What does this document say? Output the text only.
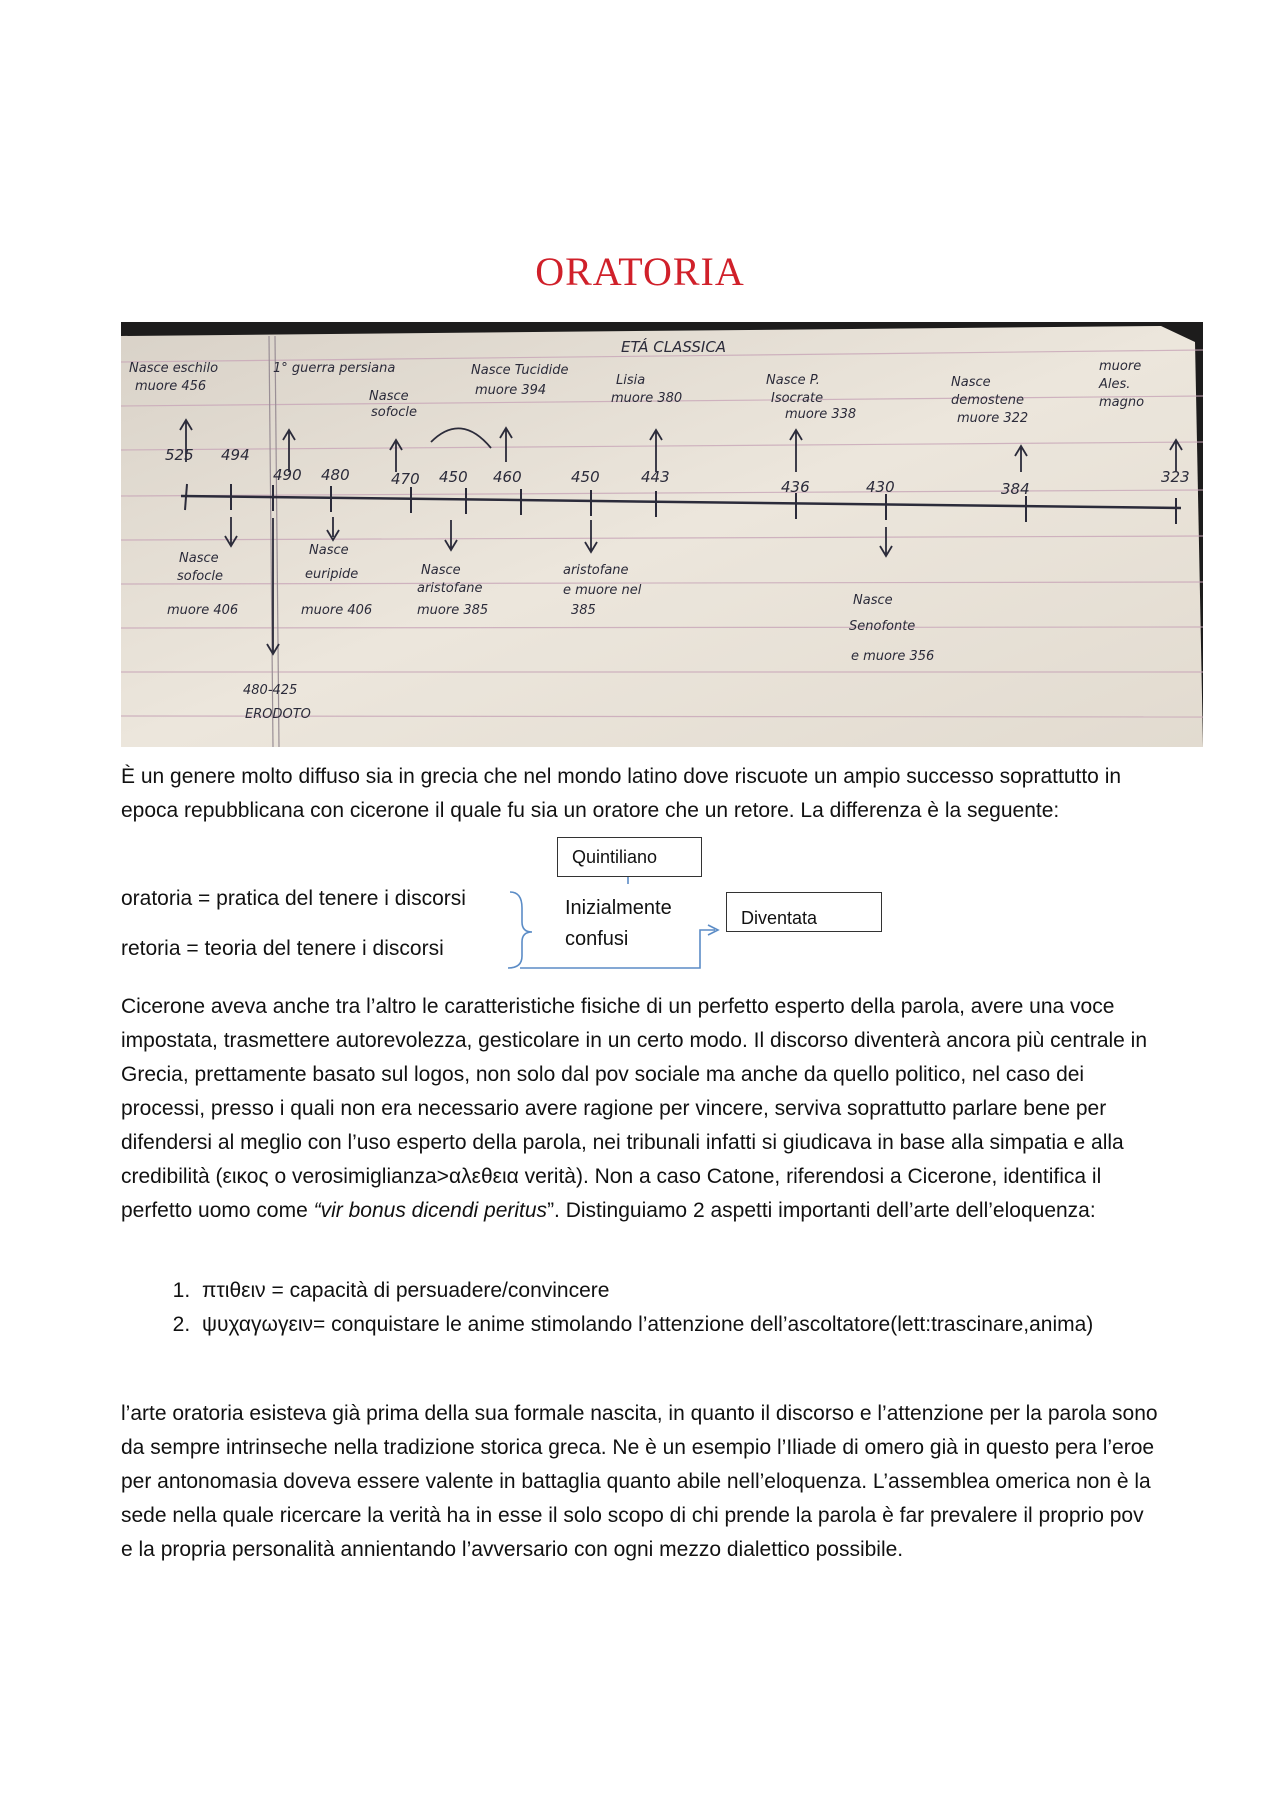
ORATORIA
ETÁ CLASSICA
525 494
490 480	470 450 460	450	443
436	430	384
323
Nasce eschilo
muore 456
1° guerra persiana
Nasce
sofocle
Nasce Tucidide
muore 394
Lisia
muore 380
Nasce P.
Isocrate
muore 338
Nasce
demostene
muore 322
muore
Ales.
magno
Nasce
sofocle
muore 406
Nasce
euripide
muore 406
Nasce
aristofane
muore 385
aristofane
e muore nel
385
Nasce
Senofonte
e muore 356
480-425
ERODOTO

È un genere molto diffuso sia in grecia che nel mondo latino dove riscuote un ampio successo soprattutto in epoca repubblicana con cicerone il quale fu sia un oratore che un retore. La differenza è la seguente:

oratoria = pratica del tenere i discorsi
retoria = teoria del tenere i discorsi
Quintiliano
Inizialmente
confusi
Diventata

Cicerone aveva anche tra l’altro le caratteristiche fisiche di un perfetto esperto della parola, avere una voce impostata, trasmettere autorevolezza, gesticolare in un certo modo. Il discorso diventerà ancora più centrale in Grecia, prettamente basato sul logos, non solo dal pov sociale ma anche da quello politico, nel caso dei processi, presso i quali non era necessario avere ragione per vincere, serviva soprattutto parlare bene per difendersi al meglio con l’uso esperto della parola, nei tribunali infatti si giudicava in base alla simpatia e alla credibilità (εικος o verosimiglianza>αλεθεια verità). Non a caso Catone, riferendosi a Cicerone, identifica il perfetto uomo come “vir bonus dicendi peritus”. Distinguiamo 2 aspetti importanti dell’arte dell’eloquenza:

1. πτιθειν = capacità di persuadere/convincere
2. ψυχαγωγειν= conquistare le anime stimolando l’attenzione dell’ascoltatore(lett:trascinare,anima)

l’arte oratoria esisteva già prima della sua formale nascita, in quanto il discorso e l’attenzione per la parola sono da sempre intrinseche nella tradizione storica greca. Ne è un esempio l’Iliade di omero già in questo pera l’eroe per antonomasia doveva essere valente in battaglia quanto abile nell’eloquenza. L’assemblea omerica non è la sede nella quale ricercare la verità ha in esse il solo scopo di chi prende la parola è far prevalere il proprio pov e la propria personalità annientando l’avversario con ogni mezzo dialettico possibile.
